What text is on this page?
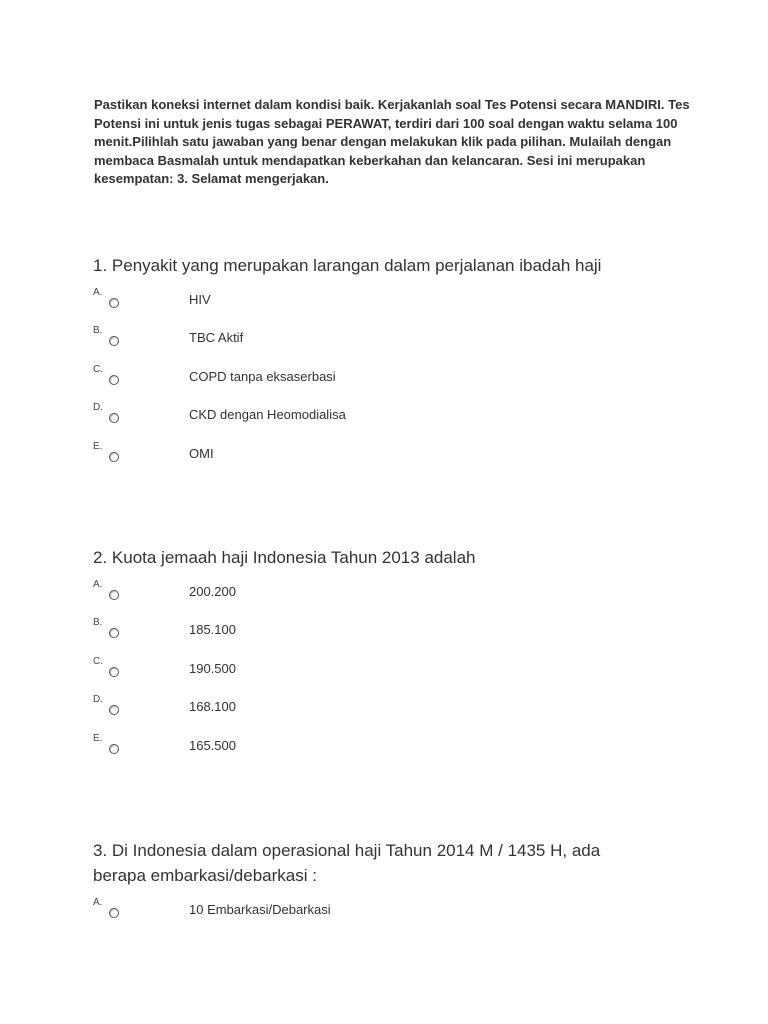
Pastikan koneksi internet dalam kondisi baik. Kerjakanlah soal Tes Potensi secara MANDIRI. Tes Potensi ini untuk jenis tugas sebagai PERAWAT, terdiri dari 100 soal dengan waktu selama 100 menit.Pilihlah satu jawaban yang benar dengan melakukan klik pada pilihan. Mulailah dengan membaca Basmalah untuk mendapatkan keberkahan dan kelancaran. Sesi ini merupakan kesempatan: 3. Selamat mengerjakan.

1. Penyakit yang merupakan larangan dalam perjalanan ibadah haji

A.	HIV
B.	TBC Aktif
C.	COPD tanpa eksaserbasi
D.	CKD dengan Heomodialisa
E.	OMI

2. Kuota jemaah haji Indonesia Tahun 2013 adalah

A.	200.200
B.	185.100
C.	190.500
D.	168.100
E.	165.500

3. Di Indonesia dalam operasional haji Tahun 2014 M / 1435 H, ada berapa embarkasi/debarkasi :

A.	10 Embarkasi/Debarkasi
